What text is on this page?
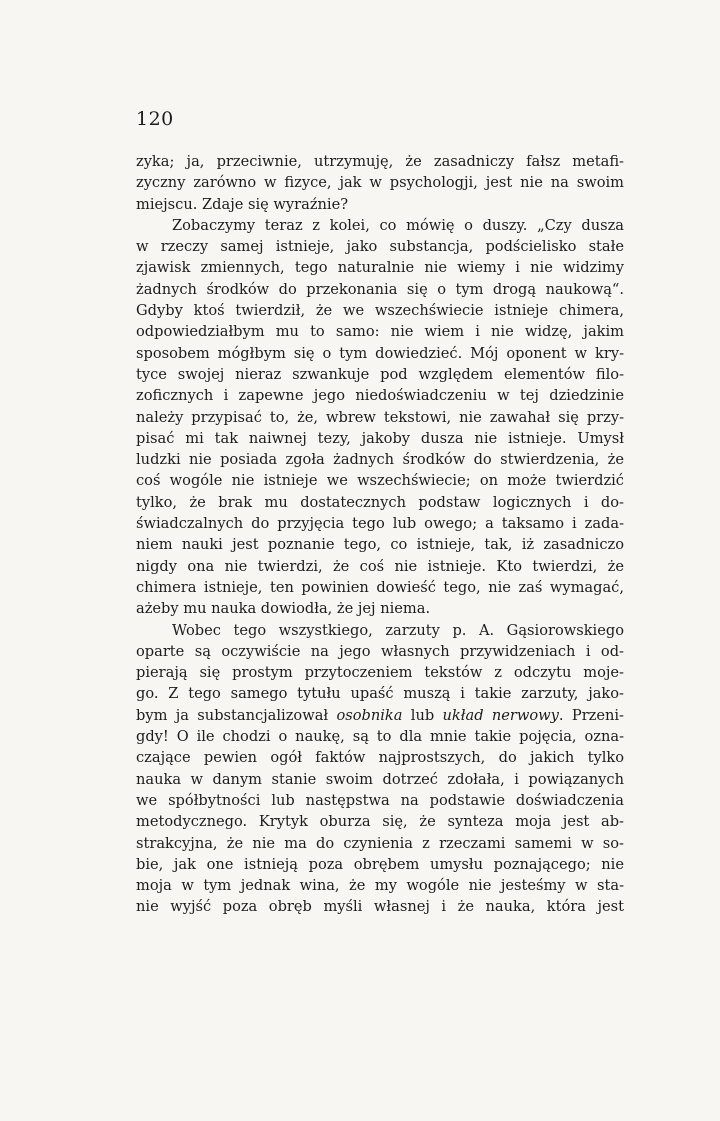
120
zyka; ja, przeciwnie, utrzymuję, że zasadniczy fałsz metafi-
zyczny zarówno w fizyce, jak w psychologji, jest nie na swoim
miejscu. Zdaje się wyraźnie?
Zobaczymy teraz z kolei, co mówię o duszy. „Czy dusza
w rzeczy samej istnieje, jako substancja, podścielisko stałe
zjawisk zmiennych, tego naturalnie nie wiemy i nie widzimy
żadnych środków do przekonania się o tym drogą naukową“.
Gdyby ktoś twierdził, że we wszechświecie istnieje chimera,
odpowiedziałbym mu to samo: nie wiem i nie widzę, jakim
sposobem mógłbym się o tym dowiedzieć. Mój oponent w kry-
tyce swojej nieraz szwankuje pod względem elementów filo-
zoficznych i zapewne jego niedoświadczeniu w tej dziedzinie
należy przypisać to, że, wbrew tekstowi, nie zawahał się przy-
pisać mi tak naiwnej tezy, jakoby dusza nie istnieje. Umysł
ludzki nie posiada zgoła żadnych środków do stwierdzenia, że
coś wogóle nie istnieje we wszechświecie; on może twierdzić
tylko, że brak mu dostatecznych podstaw logicznych i do-
świadczalnych do przyjęcia tego lub owego; a taksamo i zada-
niem nauki jest poznanie tego, co istnieje, tak, iż zasadniczo
nigdy ona nie twierdzi, że coś nie istnieje. Kto twierdzi, że
chimera istnieje, ten powinien dowieść tego, nie zaś wymagać,
ażeby mu nauka dowiodła, że jej niema.
Wobec tego wszystkiego, zarzuty p. A. Gąsiorowskiego
oparte są oczywiście na jego własnych przywidzeniach i od-
pierają się prostym przytoczeniem tekstów z odczytu moje-
go. Z tego samego tytułu upaść muszą i takie zarzuty, jako-
bym ja substancjalizował osobnika lub układ nerwowy. Przeni-
gdy! O ile chodzi o naukę, są to dla mnie takie pojęcia, ozna-
czające pewien ogół faktów najprostszych, do jakich tylko
nauka w danym stanie swoim dotrzeć zdołała, i powiązanych
we spółbytności lub następstwa na podstawie doświadczenia
metodycznego. Krytyk oburza się, że synteza moja jest ab-
strakcyjna, że nie ma do czynienia z rzeczami samemi w so-
bie, jak one istnieją poza obrębem umysłu poznającego; nie
moja w tym jednak wina, że my wogóle nie jesteśmy w sta-
nie wyjść poza obręb myśli własnej i że nauka, która jest
